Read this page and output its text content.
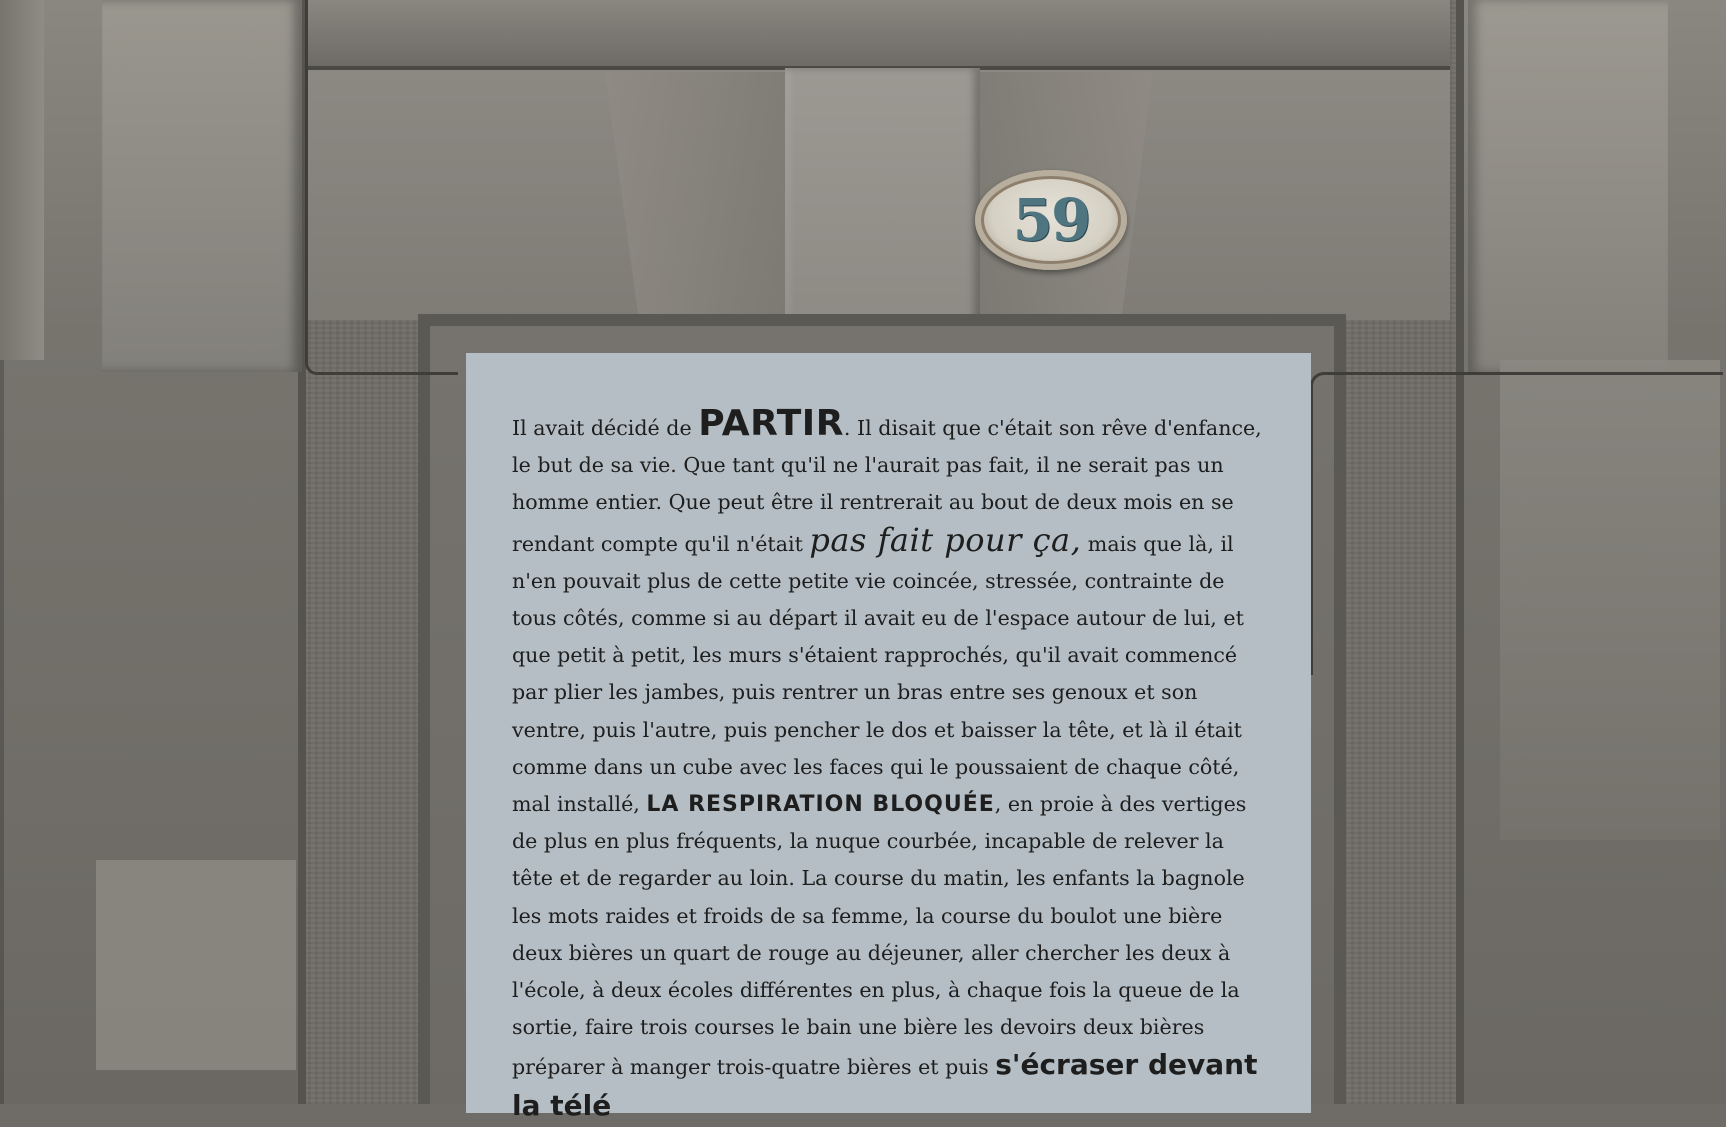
59

Il avait décidé de PARTIR. Il disait que c'était son rêve d'enfance, le but de sa vie. Que tant qu'il ne l'aurait pas fait, il ne serait pas un homme entier. Que peut être il rentrerait au bout de deux mois en se rendant compte qu'il n'était pas fait pour ça, mais que là, il n'en pouvait plus de cette petite vie coincée, stressée, contrainte de tous côtés, comme si au départ il avait eu de l'espace autour de lui, et que petit à petit, les murs s'étaient rapprochés, qu'il avait commencé par plier les jambes, puis rentrer un bras entre ses genoux et son ventre, puis l'autre, puis pencher le dos et baisser la tête, et là il était comme dans un cube avec les faces qui le poussaient de chaque côté, mal installé, LA RESPIRATION BLOQUÉE, en proie à des vertiges de plus en plus fréquents, la nuque courbée, incapable de relever la tête et de regarder au loin. La course du matin, les enfants la bagnole les mots raides et froids de sa femme, la course du boulot une bière deux bières un quart de rouge au déjeuner, aller chercher les deux à l'école, à deux écoles différentes en plus, à chaque fois la queue de la sortie, faire trois courses le bain une bière les devoirs deux bières préparer à manger trois-quatre bières et puis s'écraser devant la télé
